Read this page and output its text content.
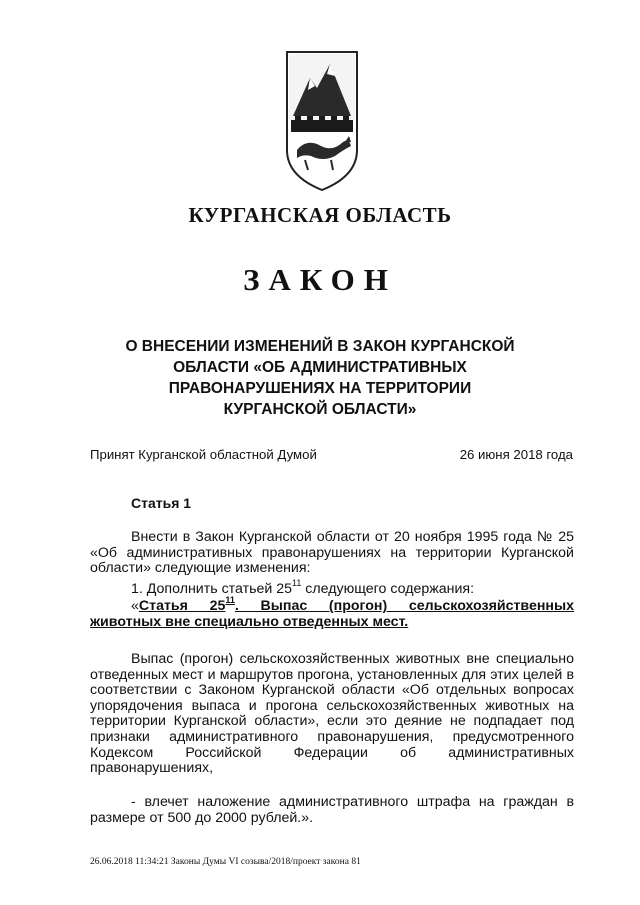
КУРГАНСКАЯ ОБЛАСТЬ
ЗАКОН
О ВНЕСЕНИИ ИЗМЕНЕНИЙ В ЗАКОН КУРГАНСКОЙ
ОБЛАСТИ «ОБ АДМИНИСТРАТИВНЫХ
ПРАВОНАРУШЕНИЯХ НА ТЕРРИТОРИИ
КУРГАНСКОЙ ОБЛАСТИ»
Принят Курганской областной Думой	26 июня 2018 года
Статья 1
Внести в Закон Курганской области от 20 ноября 1995 года № 25 «Об административных правонарушениях на территории Курганской области» следующие изменения:
1. Дополнить статьей $25^{11}$ следующего содержания:
«Статья $25^{11}$. Выпас (прогон) сельскохозяйственных животных вне специально отведенных мест.
Выпас (прогон) сельскохозяйственных животных вне специально отведенных мест и маршрутов прогона, установленных для этих целей в соответствии с Законом Курганской области «Об отдельных вопросах упорядочения выпаса и прогона сельскохозяйственных животных на территории Курганской области», если это деяние не подпадает под признаки административного правонарушения, предусмотренного Кодексом Российской Федерации об административных правонарушениях,
- влечет наложение административного штрафа на граждан в размере от 500 до 2000 рублей.».
26.06.2018 11:34:21 Законы Думы VI созыва/2018/проект закона 81
